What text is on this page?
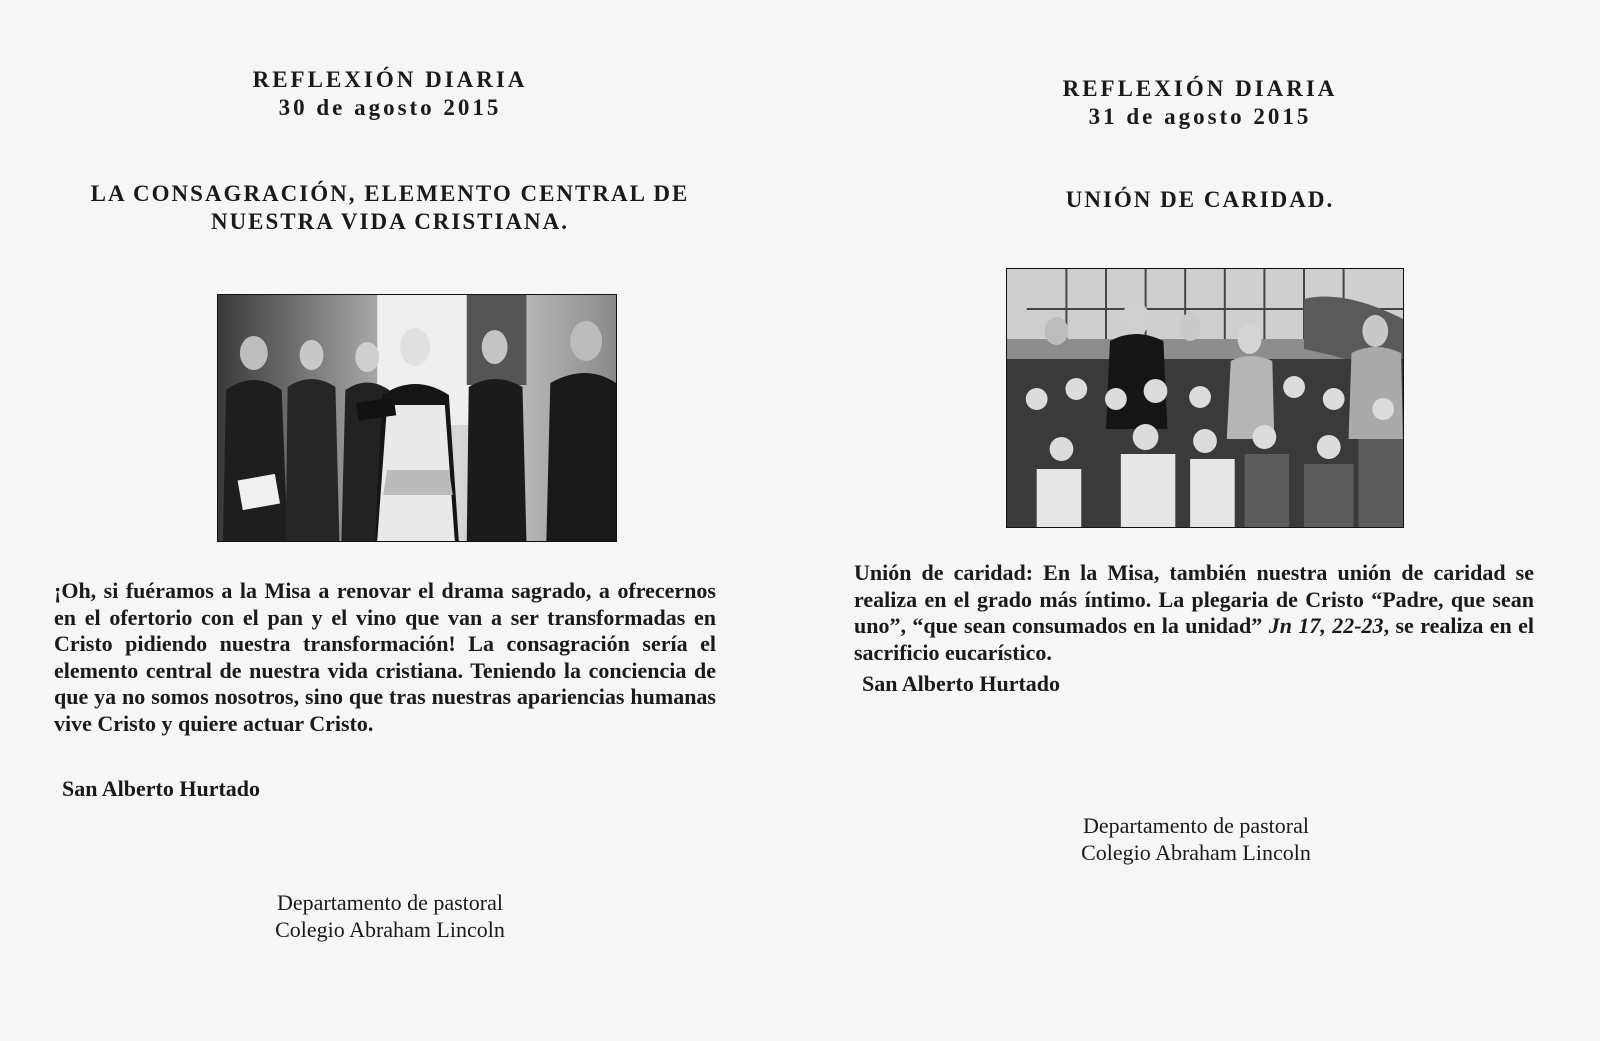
REFLEXIÓN DIARIA
30 de agosto 2015
LA CONSAGRACIÓN, ELEMENTO CENTRAL DE
NUESTRA VIDA CRISTIANA.
¡Oh, si fuéramos a la Misa a renovar el drama sagrado, a ofrecernos en el ofertorio con el pan y el vino que van a ser transformadas en Cristo pidiendo nuestra transformación! La consagración sería el elemento central de nuestra vida cristiana. Teniendo la conciencia de que ya no somos nosotros, sino que tras nuestras apariencias humanas vive Cristo y quiere actuar Cristo.
San Alberto Hurtado
Departamento de pastoral
Colegio Abraham Lincoln
REFLEXIÓN DIARIA
31 de agosto 2015
UNIÓN DE CARIDAD.
Unión de caridad: En la Misa, también nuestra unión de caridad se realiza en el grado más íntimo. La plegaria de Cristo “Padre, que sean uno”, “que sean consumados en la unidad” Jn 17, 22-23, se realiza en el sacrificio eucarístico.
San Alberto Hurtado
Departamento de pastoral
Colegio Abraham Lincoln
